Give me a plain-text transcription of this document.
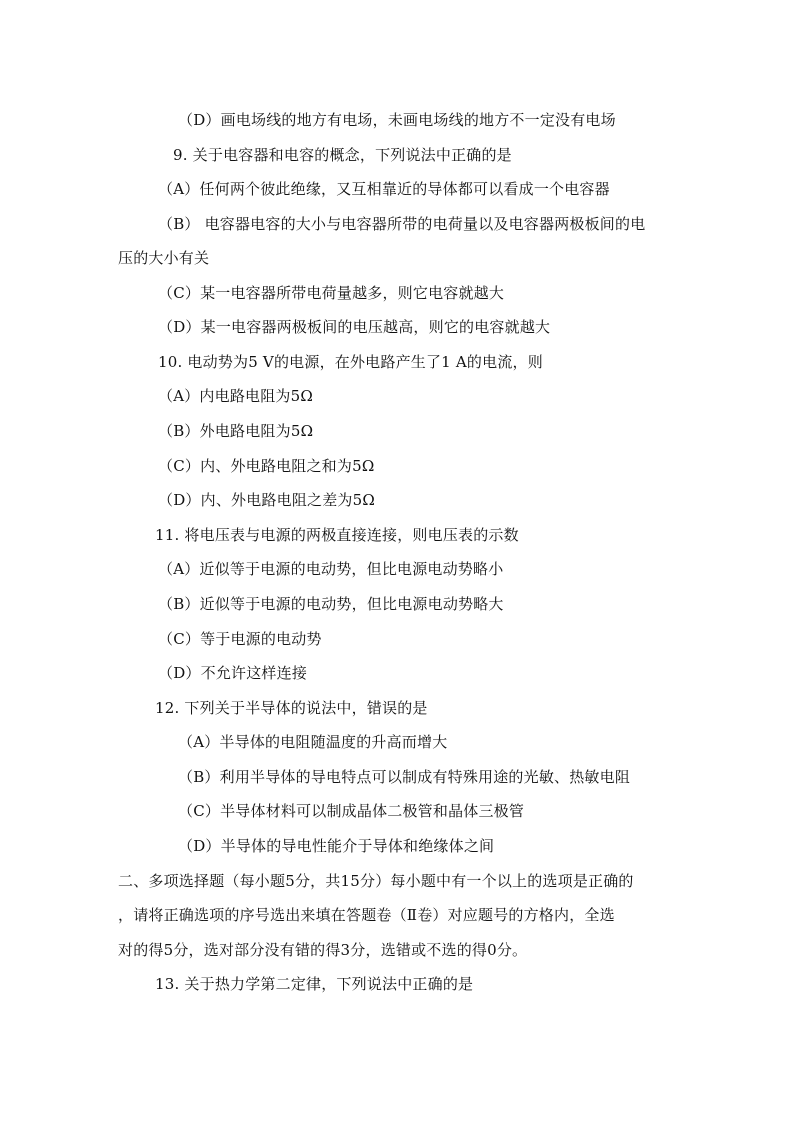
（D）画电场线的地方有电场，未画电场线的地方不一定没有电场
9. 关于电容器和电容的概念，下列说法中正确的是
（A）任何两个彼此绝缘，又互相靠近的导体都可以看成一个电容器
（B） 电容器电容的大小与电容器所带的电荷量以及电容器两极板间的电
压的大小有关
（C）某一电容器所带电荷量越多，则它电容就越大
（D）某一电容器两极板间的电压越高，则它的电容就越大
10. 电动势为5 V的电源，在外电路产生了1 A的电流，则
（A）内电路电阻为5Ω
（B）外电路电阻为5Ω
（C）内、外电路电阻之和为5Ω
（D）内、外电路电阻之差为5Ω
11. 将电压表与电源的两极直接连接，则电压表的示数
（A）近似等于电源的电动势，但比电源电动势略小
（B）近似等于电源的电动势，但比电源电动势略大
（C）等于电源的电动势
（D）不允许这样连接
12. 下列关于半导体的说法中，错误的是
（A）半导体的电阻随温度的升高而增大
（B）利用半导体的导电特点可以制成有特殊用途的光敏、热敏电阻
（C）半导体材料可以制成晶体二极管和晶体三极管
（D）半导体的导电性能介于导体和绝缘体之间
二、多项选择题（每小题5分，共15分）每小题中有一个以上的选项是正确的
，请将正确选项的序号选出来填在答题卷（Ⅱ卷）对应题号的方格内，全选
对的得5分，选对部分没有错的得3分，选错或不选的得0分。
13. 关于热力学第二定律，下列说法中正确的是
